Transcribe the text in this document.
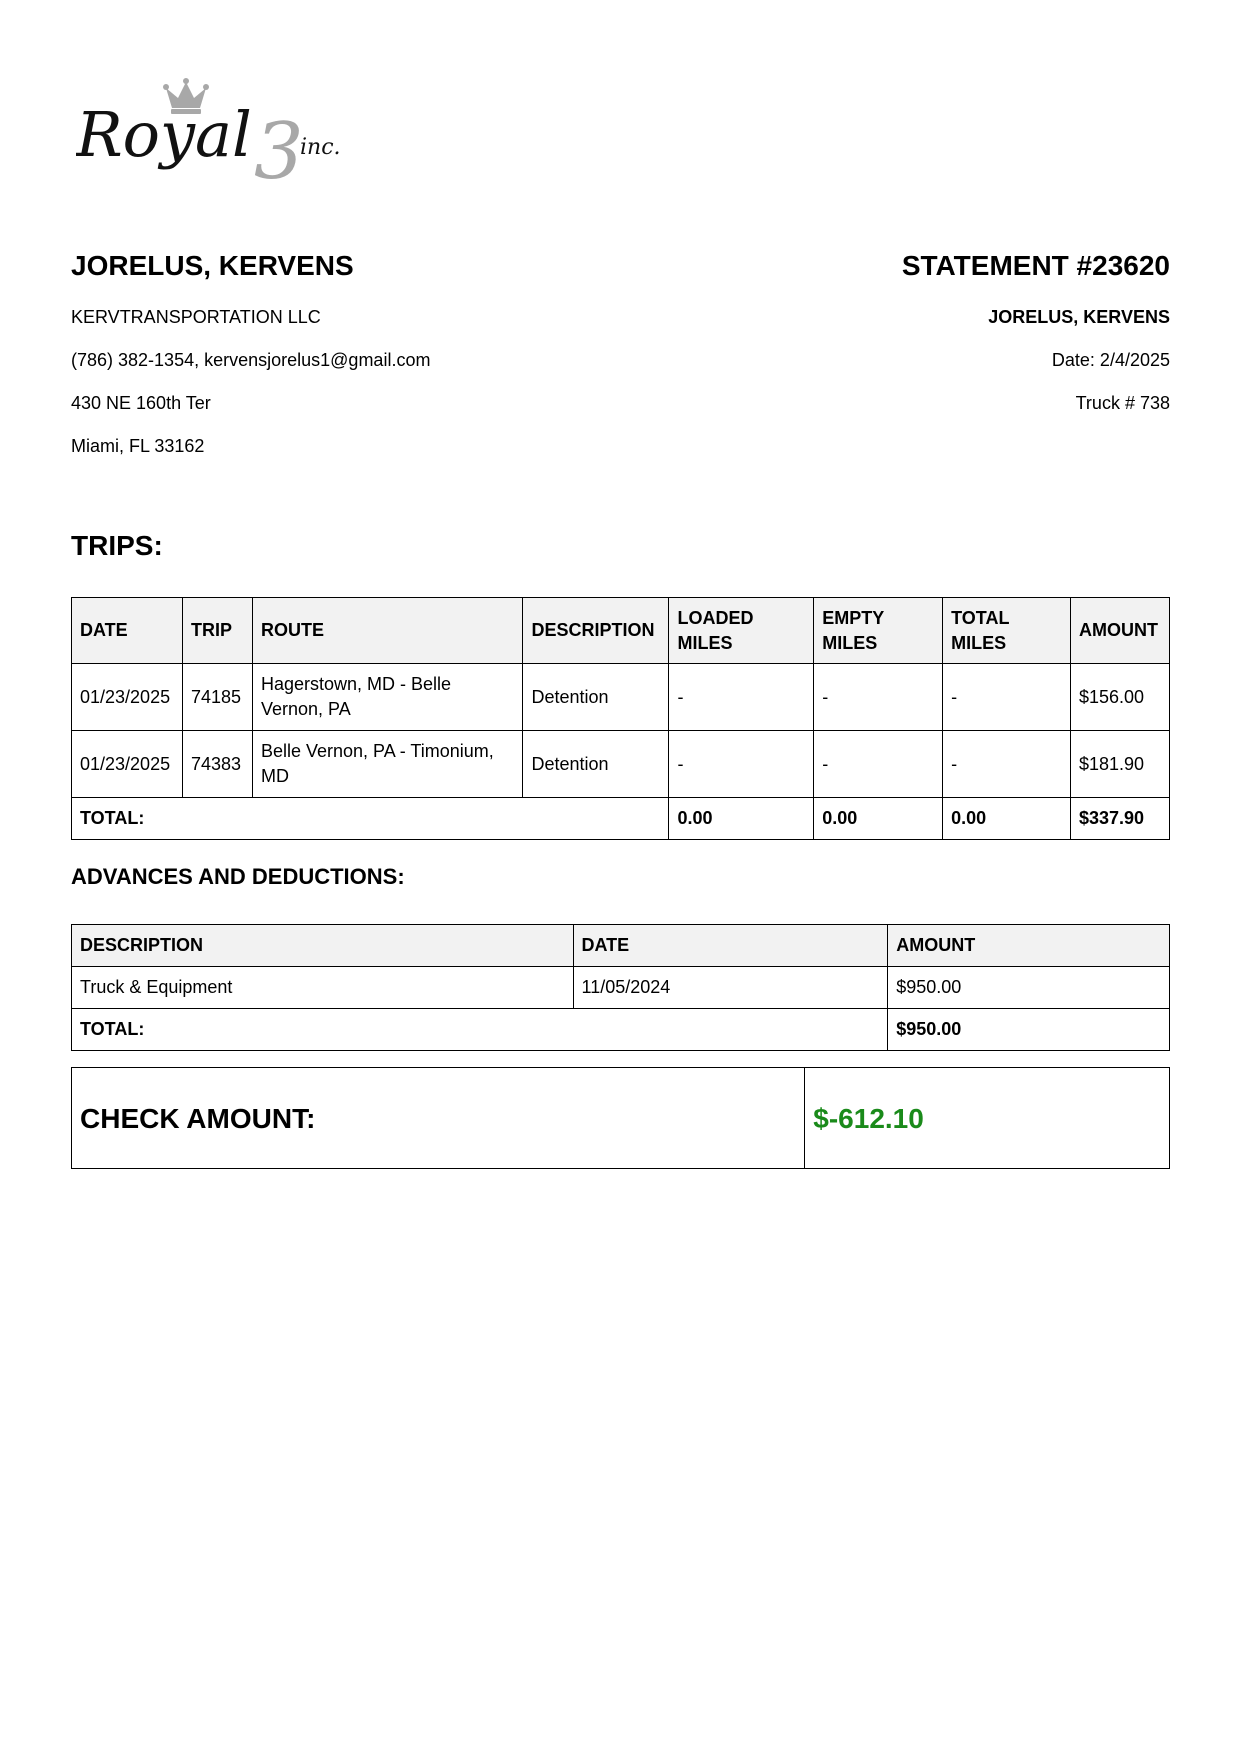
Royal 3
inc.

JORELUS, KERVENS

KERVTRANSPORTATION LLC

(786) 382-1354, kervensjorelus1@gmail.com

430 NE 160th Ter

Miami, FL 33162

STATEMENT #23620

JORELUS, KERVENS

Date: 2/4/2025

Truck # 738

TRIPS:

DATE	TRIP	ROUTE	DESCRIPTION	LOADED MILES	EMPTY MILES	TOTAL MILES	AMOUNT
01/23/2025	74185	Hagerstown, MD - Belle Vernon, PA	Detention	-	-	-	$156.00
01/23/2025	74383	Belle Vernon, PA - Timonium, MD	Detention	-	-	-	$181.90
TOTAL:				0.00	0.00	0.00	$337.90

ADVANCES AND DEDUCTIONS:

DESCRIPTION	DATE	AMOUNT
Truck & Equipment	11/05/2024	$950.00
TOTAL:		$950.00
CHECK AMOUNT:	$-612.10
